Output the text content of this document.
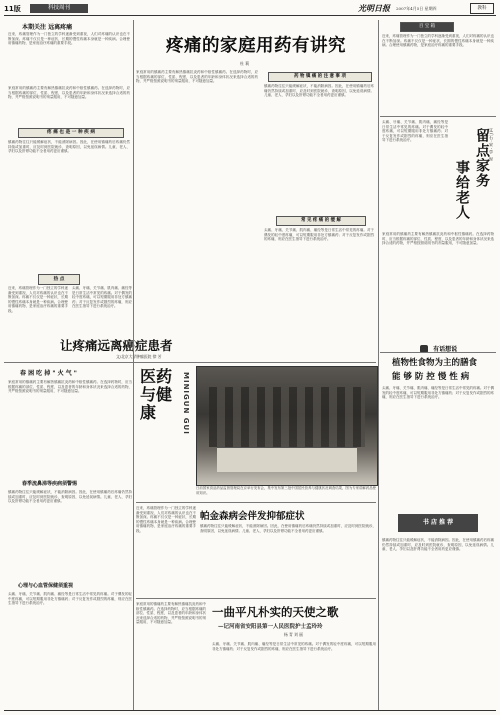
11版	科技周刊	光明日报 2007年4月5日 星期四	教科
本期关注 远离疼痛
近来，疼痛管理作为一门独立的学科逐渐受到重视，人们对疼痛的认识也在不断加深。疼痛不仅仅是一种症状，长期的慢性疼痛本身就是一种疾病。合理使用镇痛药物，是家庭治疗疼痛的重要手段。
家庭常用的镇痛药主要有解热镇痛抗炎药和中枢性镇痛药。在选择药物时，应当根据疼痛的部位、性质、程度，以及患者的年龄和身体状况来选择合适的药物，并严格按照说明书的剂量服用，不可随意加量。
疼 痛 也 是 一 种 疾 病
镇痛药物往往只能缓解症状，不能消除病因。因此，在使用镇痛药后疼痛仍然持续或加重时，应及时到医院就诊，查明原因，以免延误病情。儿童、老人、孕妇以及肝肾功能不全者用药更应谨慎。
疼痛的家庭用药有讲究
杜 莉
家庭常用的镇痛药主要有解热镇痛抗炎药和中枢性镇痛药。在选择药物时，应当根据疼痛的部位、性质、程度，以及患者的年龄和身体状况来选择合适的药物，并严格按照说明书的剂量服用，不可随意加量。
药 物 镇 痛 的 注 意 事 项
镇痛药物往往只能缓解症状，不能消除病因。因此，在使用镇痛药后疼痛仍然持续或加重时，应及时到医院就诊，查明原因，以免延误病情。儿童、老人、孕妇以及肝肾功能不全者用药更应谨慎。
常 见 疼 痛 的 缓 解
头痛、牙痛、关节痛、肌肉痛、痛经等是日常生活中常见的疼痛。对于偶发的轻中度疼痛，可以短期服用非处方镇痛药；对于反复发作或剧烈的疼痛，则应在医生指导下进行系统治疗。
百 宝 箱
近来，疼痛管理作为一门独立的学科逐渐受到重视，人们对疼痛的认识也在不断加深。疼痛不仅仅是一种症状，长期的慢性疼痛本身就是一种疾病。合理使用镇痛药物，是家庭治疗疼痛的重要手段。
头痛、牙痛、关节痛、肌肉痛、痛经等是日常生活中常见的疼痛。对于偶发的轻中度疼痛，可以短期服用非处方镇痛药；对于反复发作或剧烈的疼痛，则应在医生指导下进行系统治疗。	留点家务
事给老人
文/石·宋·学 时
家庭常用的镇痛药主要有解热镇痛抗炎药和中枢性镇痛药。在选择药物时，应当根据疼痛的部位、性质、程度，以及患者的年龄和身体状况来选择合适的药物，并严格按照说明书的剂量服用，不可随意加量。
有话想说
植物性食物为主的膳食
能 够 防 控 慢 性 病
头痛、牙痛、关节痛、肌肉痛、痛经等是日常生活中常见的疼痛。对于偶发的轻中度疼痛，可以短期服用非处方镇痛药；对于反复发作或剧烈的疼痛，则应在医生指导下进行系统治疗。
书 店 推 荐
镇痛药物往往只能缓解症状，不能消除病因。因此，在使用镇痛药后疼痛仍然持续或加重时，应及时到医院就诊，查明原因，以免延误病情。儿童、老人、孕妇以及肝肾功能不全者用药更应谨慎。
热 点
近来，疼痛管理作为一门独立的学科逐渐受到重视，人们对疼痛的认识也在不断加深。疼痛不仅仅是一种症状，长期的慢性疼痛本身就是一种疾病。合理使用镇痛药物，是家庭治疗疼痛的重要手段。
头痛、牙痛、关节痛、肌肉痛、痛经等是日常生活中常见的疼痛。对于偶发的轻中度疼痛，可以短期服用非处方镇痛药；对于反复发作或剧烈的疼痛，则应在医生指导下进行系统治疗。
让疼痛远离癌症患者
文/北京大学肿瘤医院 徐 芳
春 困 吃 掉 " 火 气 "
家庭常用的镇痛药主要有解热镇痛抗炎药和中枢性镇痛药。在选择药物时，应当根据疼痛的部位、性质、程度，以及患者的年龄和身体状况来选择合适的药物，并严格按照说明书的剂量服用，不可随意加量。
春季流鼻涕等疾病须警惕
镇痛药物往往只能缓解症状，不能消除病因。因此，在使用镇痛药后疼痛仍然持续或加重时，应及时到医院就诊，查明原因，以免延误病情。儿童、老人、孕妇以及肝肾功能不全者用药更应谨慎。
心理与心血管保健须重视
头痛、牙痛、关节痛、肌肉痛、痛经等是日常生活中常见的疼痛。对于偶发的轻中度疼痛，可以短期服用非处方镇痛药；对于反复发作或剧烈的疼痛，则应在医生指导下进行系统治疗。
医药与健康	MINIGUN GUI
日前国家食品药品监督管理局在京举行发布会，集中发布第三批中国居民营养与健康状况调查结果，图为专家讲解药品使用知识。
近来，疼痛管理作为一门独立的学科逐渐受到重视，人们对疼痛的认识也在不断加深。疼痛不仅仅是一种症状，长期的慢性疼痛本身就是一种疾病。合理使用镇痛药物，是家庭治疗疼痛的重要手段。
帕金森病会伴发抑郁症状
镇痛药物往往只能缓解症状，不能消除病因。因此，在使用镇痛药后疼痛仍然持续或加重时，应及时到医院就诊，查明原因，以免延误病情。儿童、老人、孕妇以及肝肾功能不全者用药更应谨慎。
家庭常用的镇痛药主要有解热镇痛抗炎药和中枢性镇痛药。在选择药物时，应当根据疼痛的部位、性质、程度，以及患者的年龄和身体状况来选择合适的药物，并严格按照说明书的剂量服用，不可随意加量。
一曲平凡朴实的天使之歌
—记河南省安阳县第一人民医院护士孟玲玲
杨 青 刘 丽
头痛、牙痛、关节痛、肌肉痛、痛经等是日常生活中常见的疼痛。对于偶发的轻中度疼痛，可以短期服用非处方镇痛药；对于反复发作或剧烈的疼痛，则应在医生指导下进行系统治疗。
